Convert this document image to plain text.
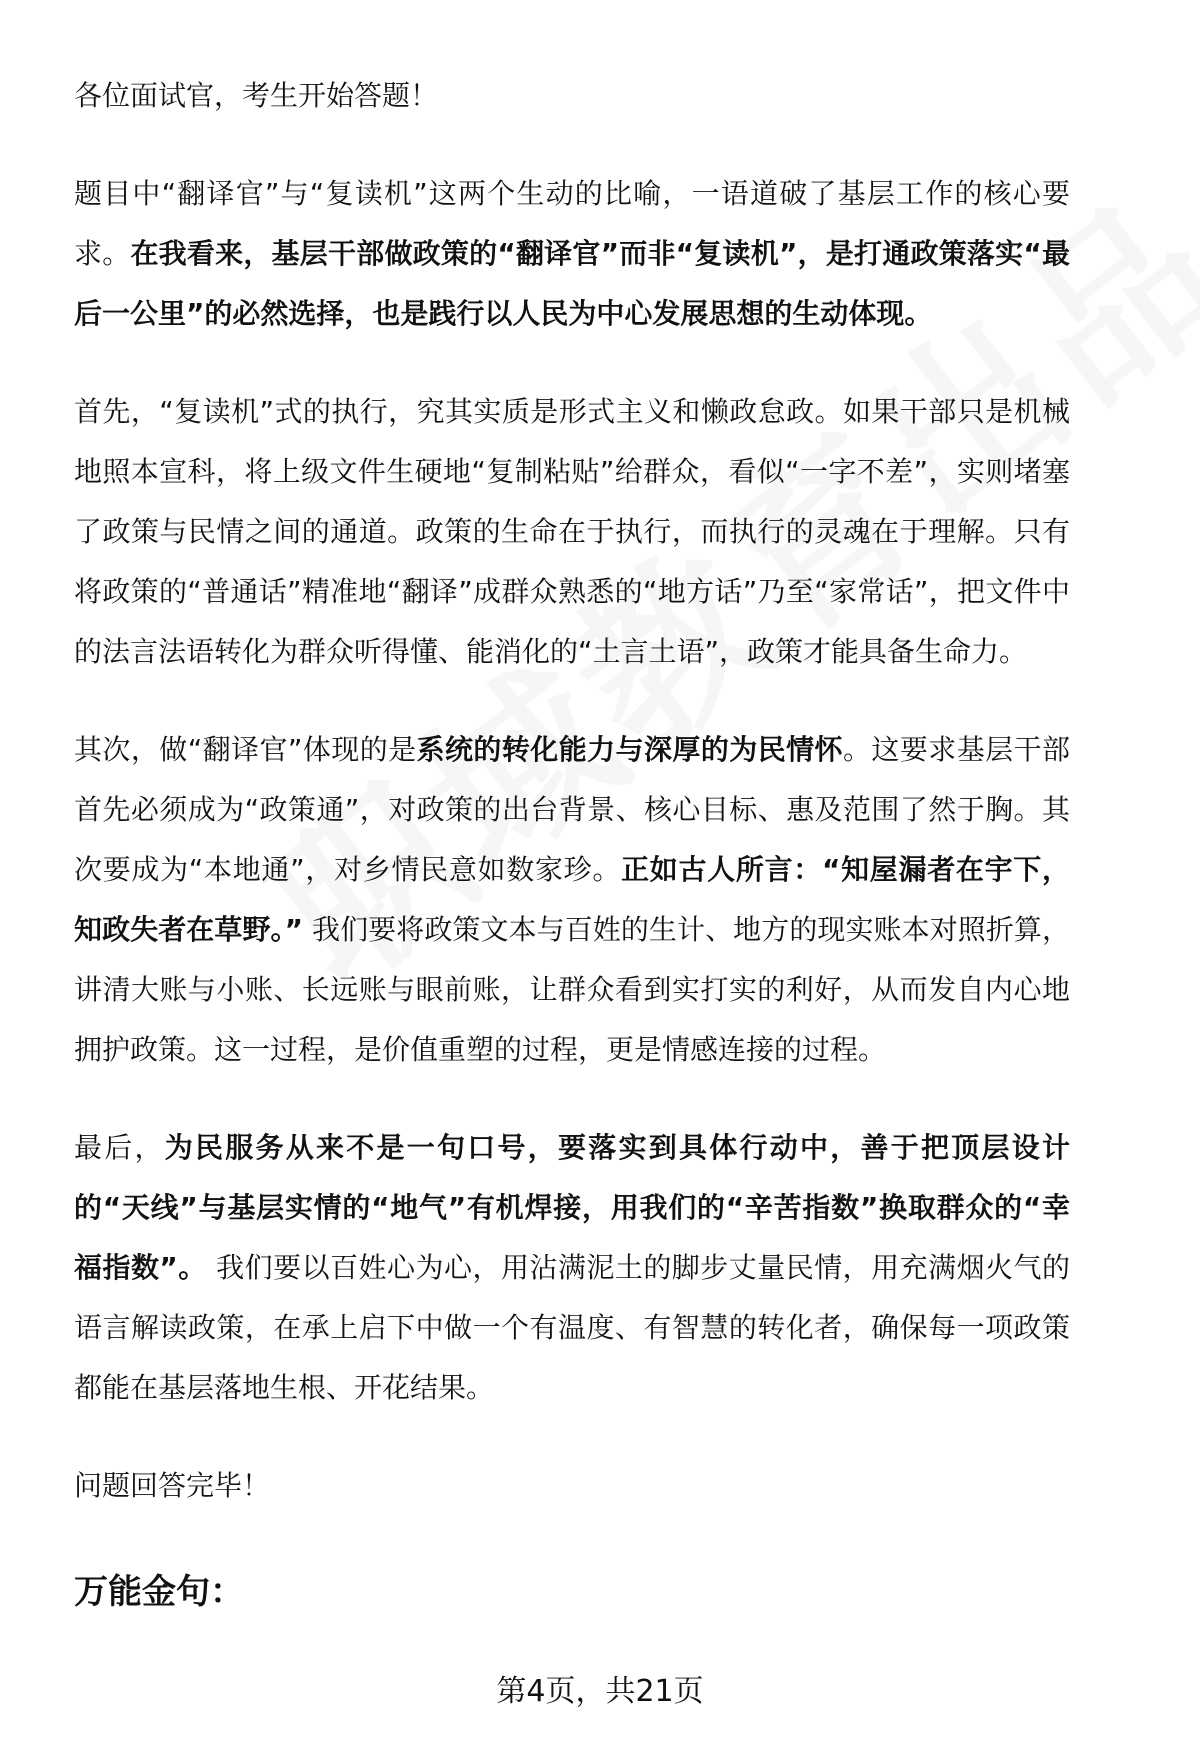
各位面试官，考生开始答题！

题目中“翻译官”与“复读机”这两个生动的比喻，一语道破了基层工作的核心要求。在我看来，基层干部做政策的“翻译官”而非“复读机”，是打通政策落实“最后一公里”的必然选择，也是践行以人民为中心发展思想的生动体现。

首先，“复读机”式的执行，究其实质是形式主义和懒政怠政。如果干部只是机械地照本宣科，将上级文件生硬地“复制粘贴”给群众，看似“一字不差”，实则堵塞了政策与民情之间的通道。政策的生命在于执行，而执行的灵魂在于理解。只有将政策的“普通话”精准地“翻译”成群众熟悉的“地方话”乃至“家常话”，把文件中的法言法语转化为群众听得懂、能消化的“土言土语”，政策才能具备生命力。

其次，做“翻译官”体现的是系统的转化能力与深厚的为民情怀。这要求基层干部首先必须成为“政策通”，对政策的出台背景、核心目标、惠及范围了然于胸。其次要成为“本地通”，对乡情民意如数家珍。正如古人所言：“知屋漏者在宇下，知政失者在草野。” 我们要将政策文本与百姓的生计、地方的现实账本对照折算，讲清大账与小账、长远账与眼前账，让群众看到实打实的利好，从而发自内心地拥护政策。这一过程，是价值重塑的过程，更是情感连接的过程。

最后，为民服务从来不是一句口号，要落实到具体行动中，善于把顶层设计的“天线”与基层实情的“地气”有机焊接，用我们的“辛苦指数”换取群众的“幸福指数”。 我们要以百姓心为心，用沾满泥土的脚步丈量民情，用充满烟火气的语言解读政策，在承上启下中做一个有温度、有智慧的转化者，确保每一项政策都能在基层落地生根、开花结果。

问题回答完毕！

万能金句：
第4页，共21页
